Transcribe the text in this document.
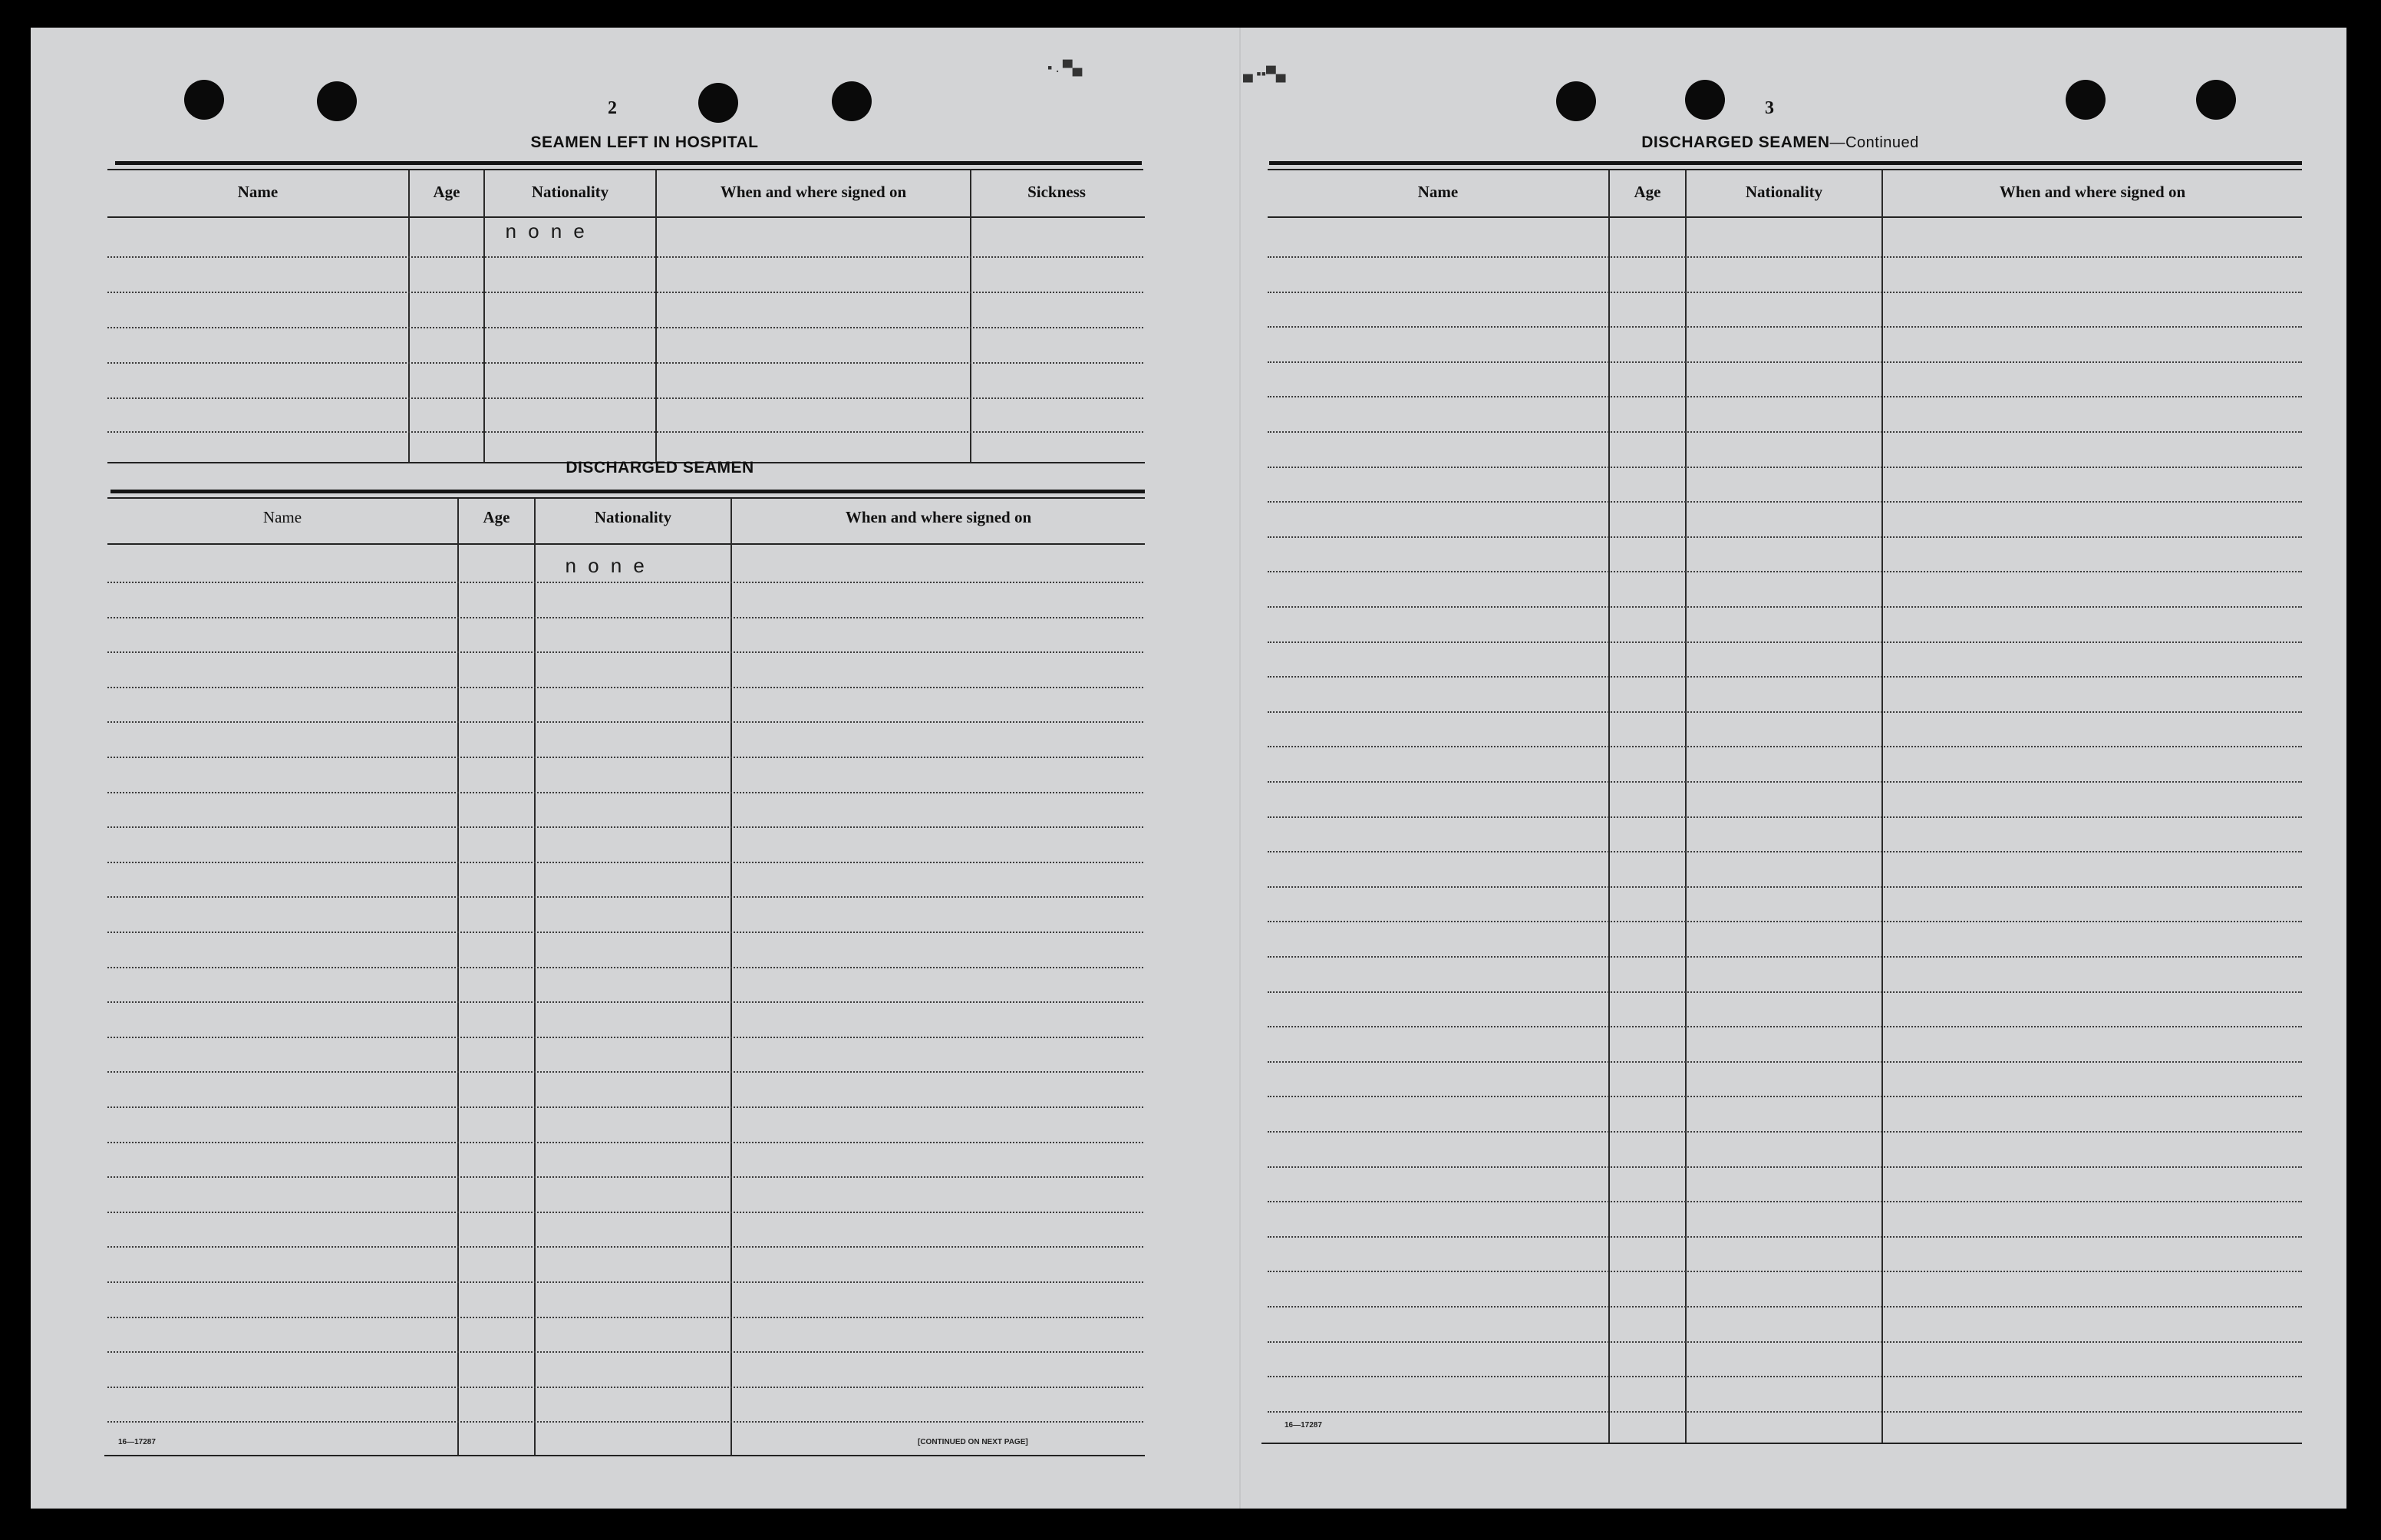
▪ . ▀▄	▄ ▪▪▀▄
2
SEAMEN LEFT IN HOSPITAL
Name	Age	Nationality	When and where signed on	Sickness
none
DISCHARGED SEAMEN
Name	Age	Nationality	When and where signed on
none
16—17287	[CONTINUED ON NEXT PAGE]
3
DISCHARGED SEAMEN—Continued
Name	Age	Nationality	When and where signed on
16—17287
